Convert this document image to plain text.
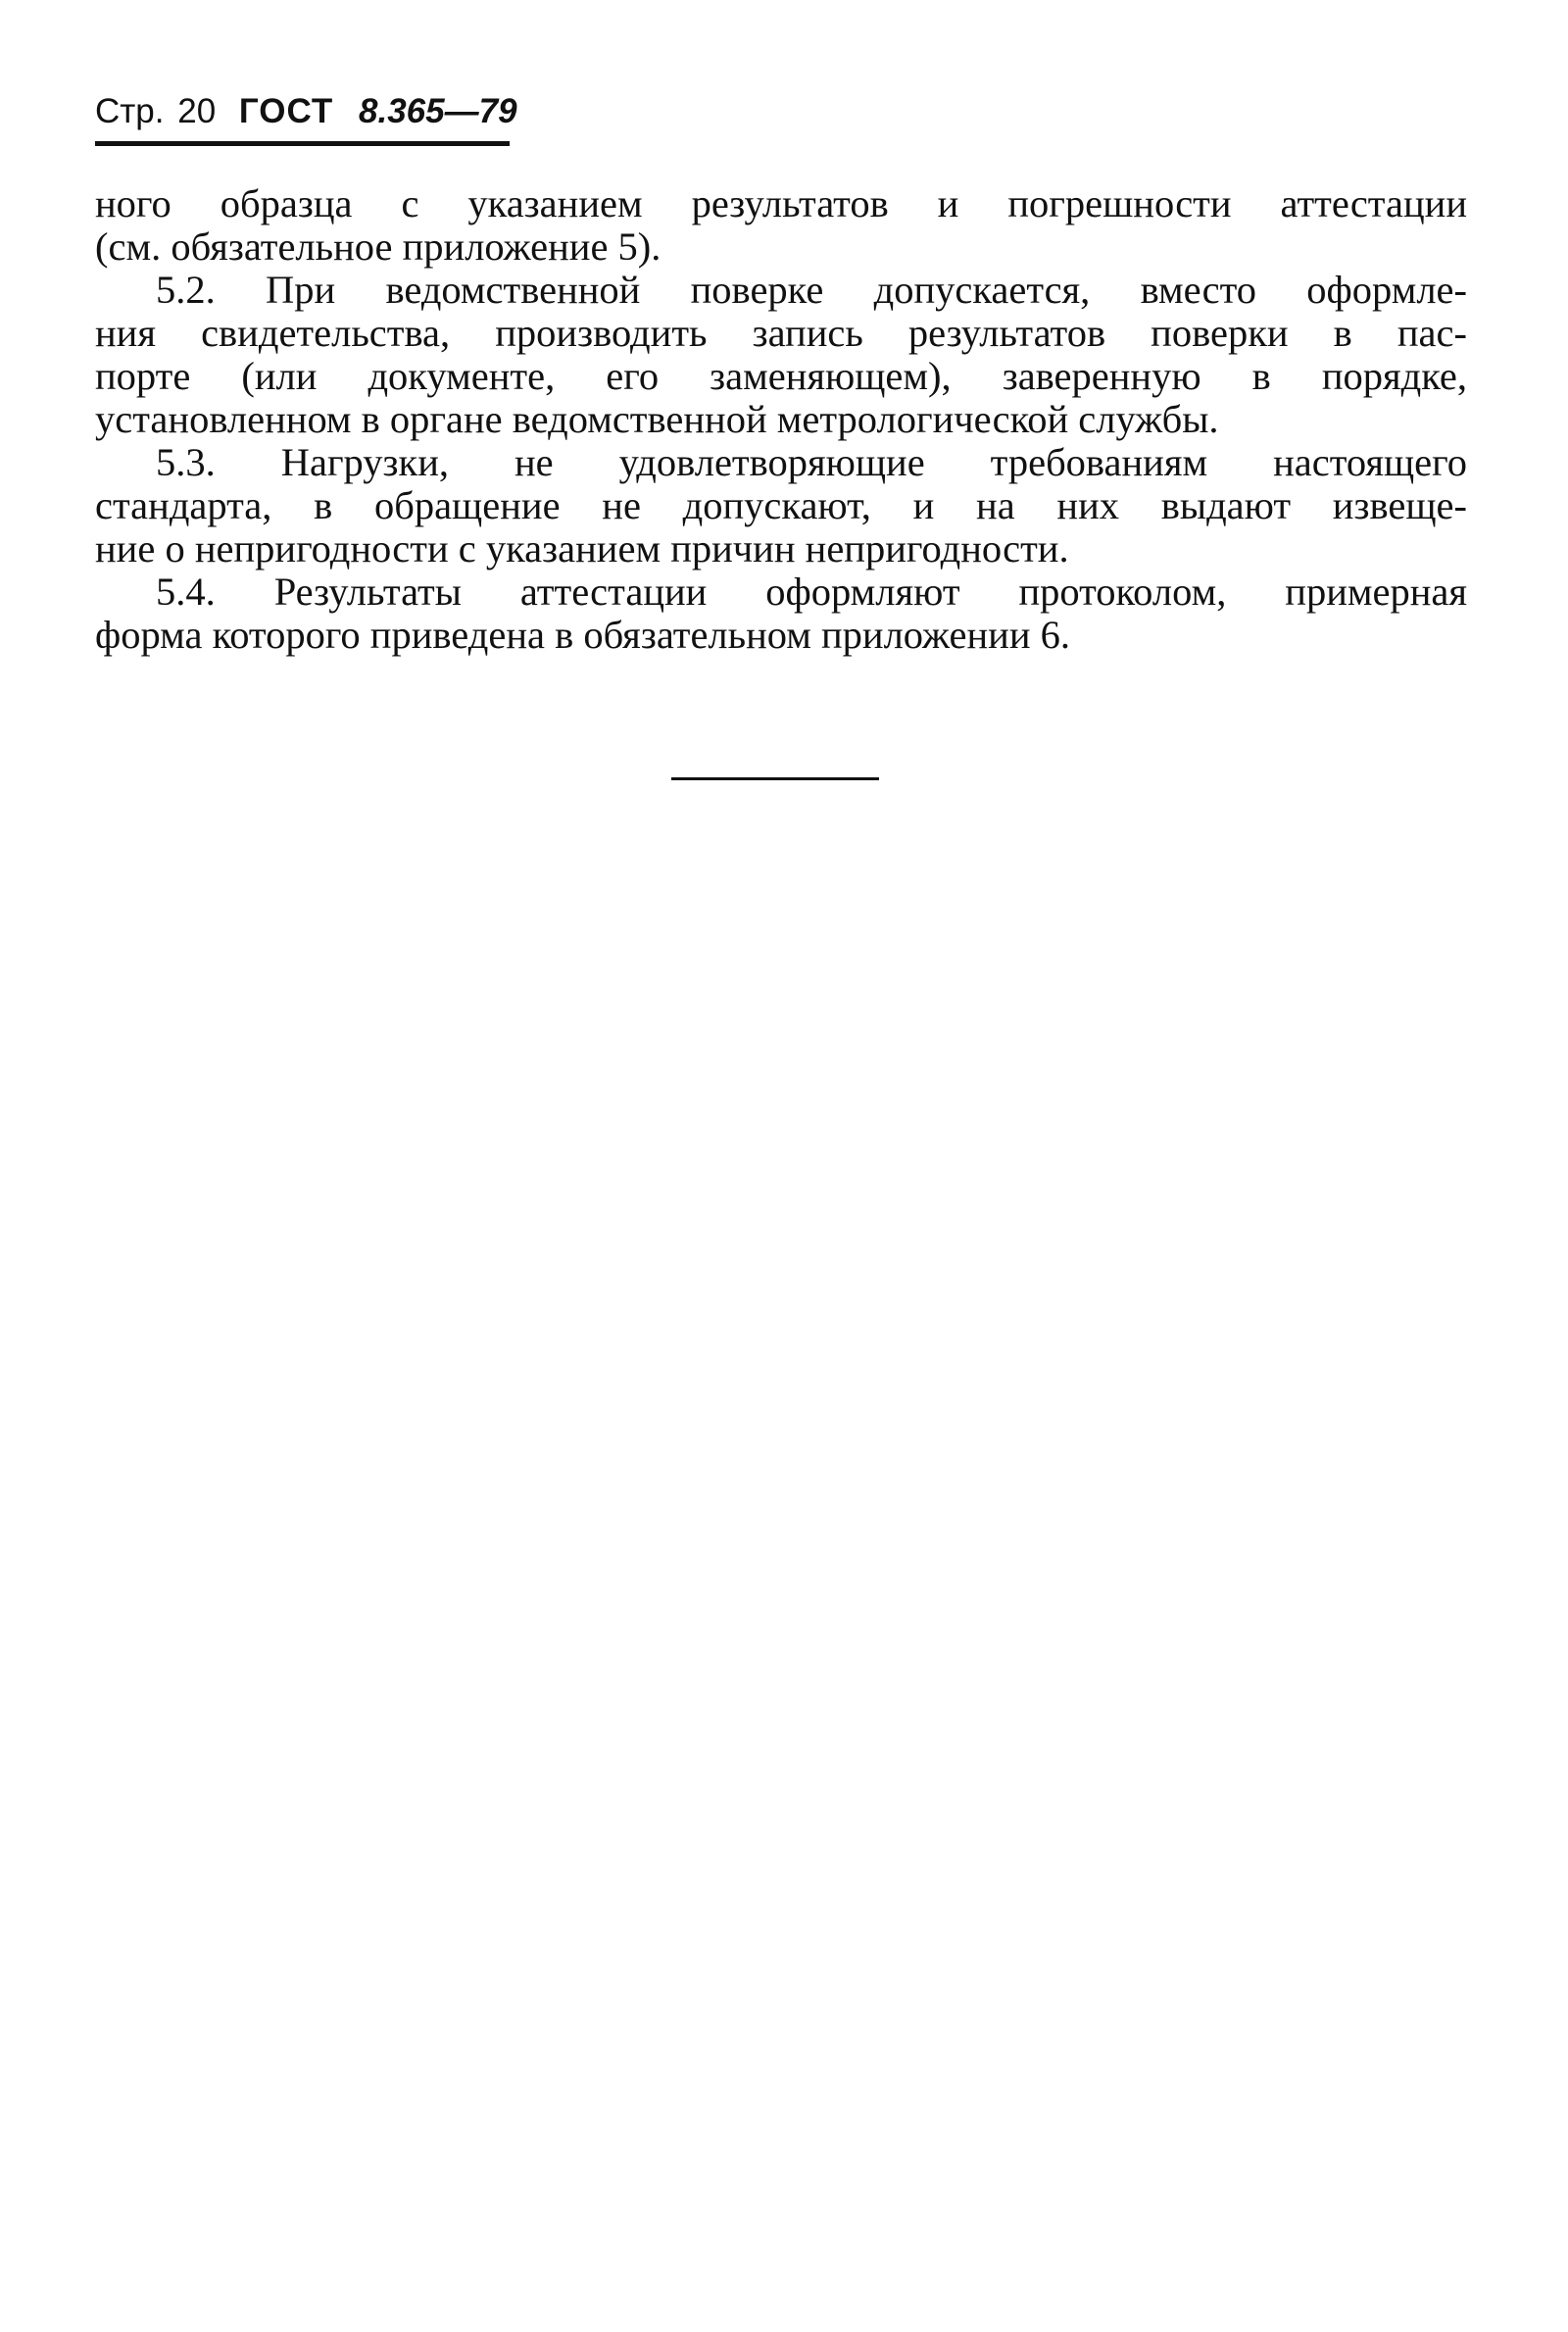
Стр. 20 ГОСТ 8.365—79
ного образца с указанием результатов и погрешности аттестации
(см. обязательное приложение 5).
5.2. При ведомственной поверке допускается, вместо оформле-
ния свидетельства, производить запись результатов поверки в пас-
порте (или документе, его заменяющем), заверенную в порядке,
установленном в органе ведомственной метрологической службы.
5.3. Нагрузки, не удовлетворяющие требованиям настоящего
стандарта, в обращение не допускают, и на них выдают извеще-
ние о непригодности с указанием причин непригодности.
5.4. Результаты аттестации оформляют протоколом, примерная
форма которого приведена в обязательном приложении 6.
